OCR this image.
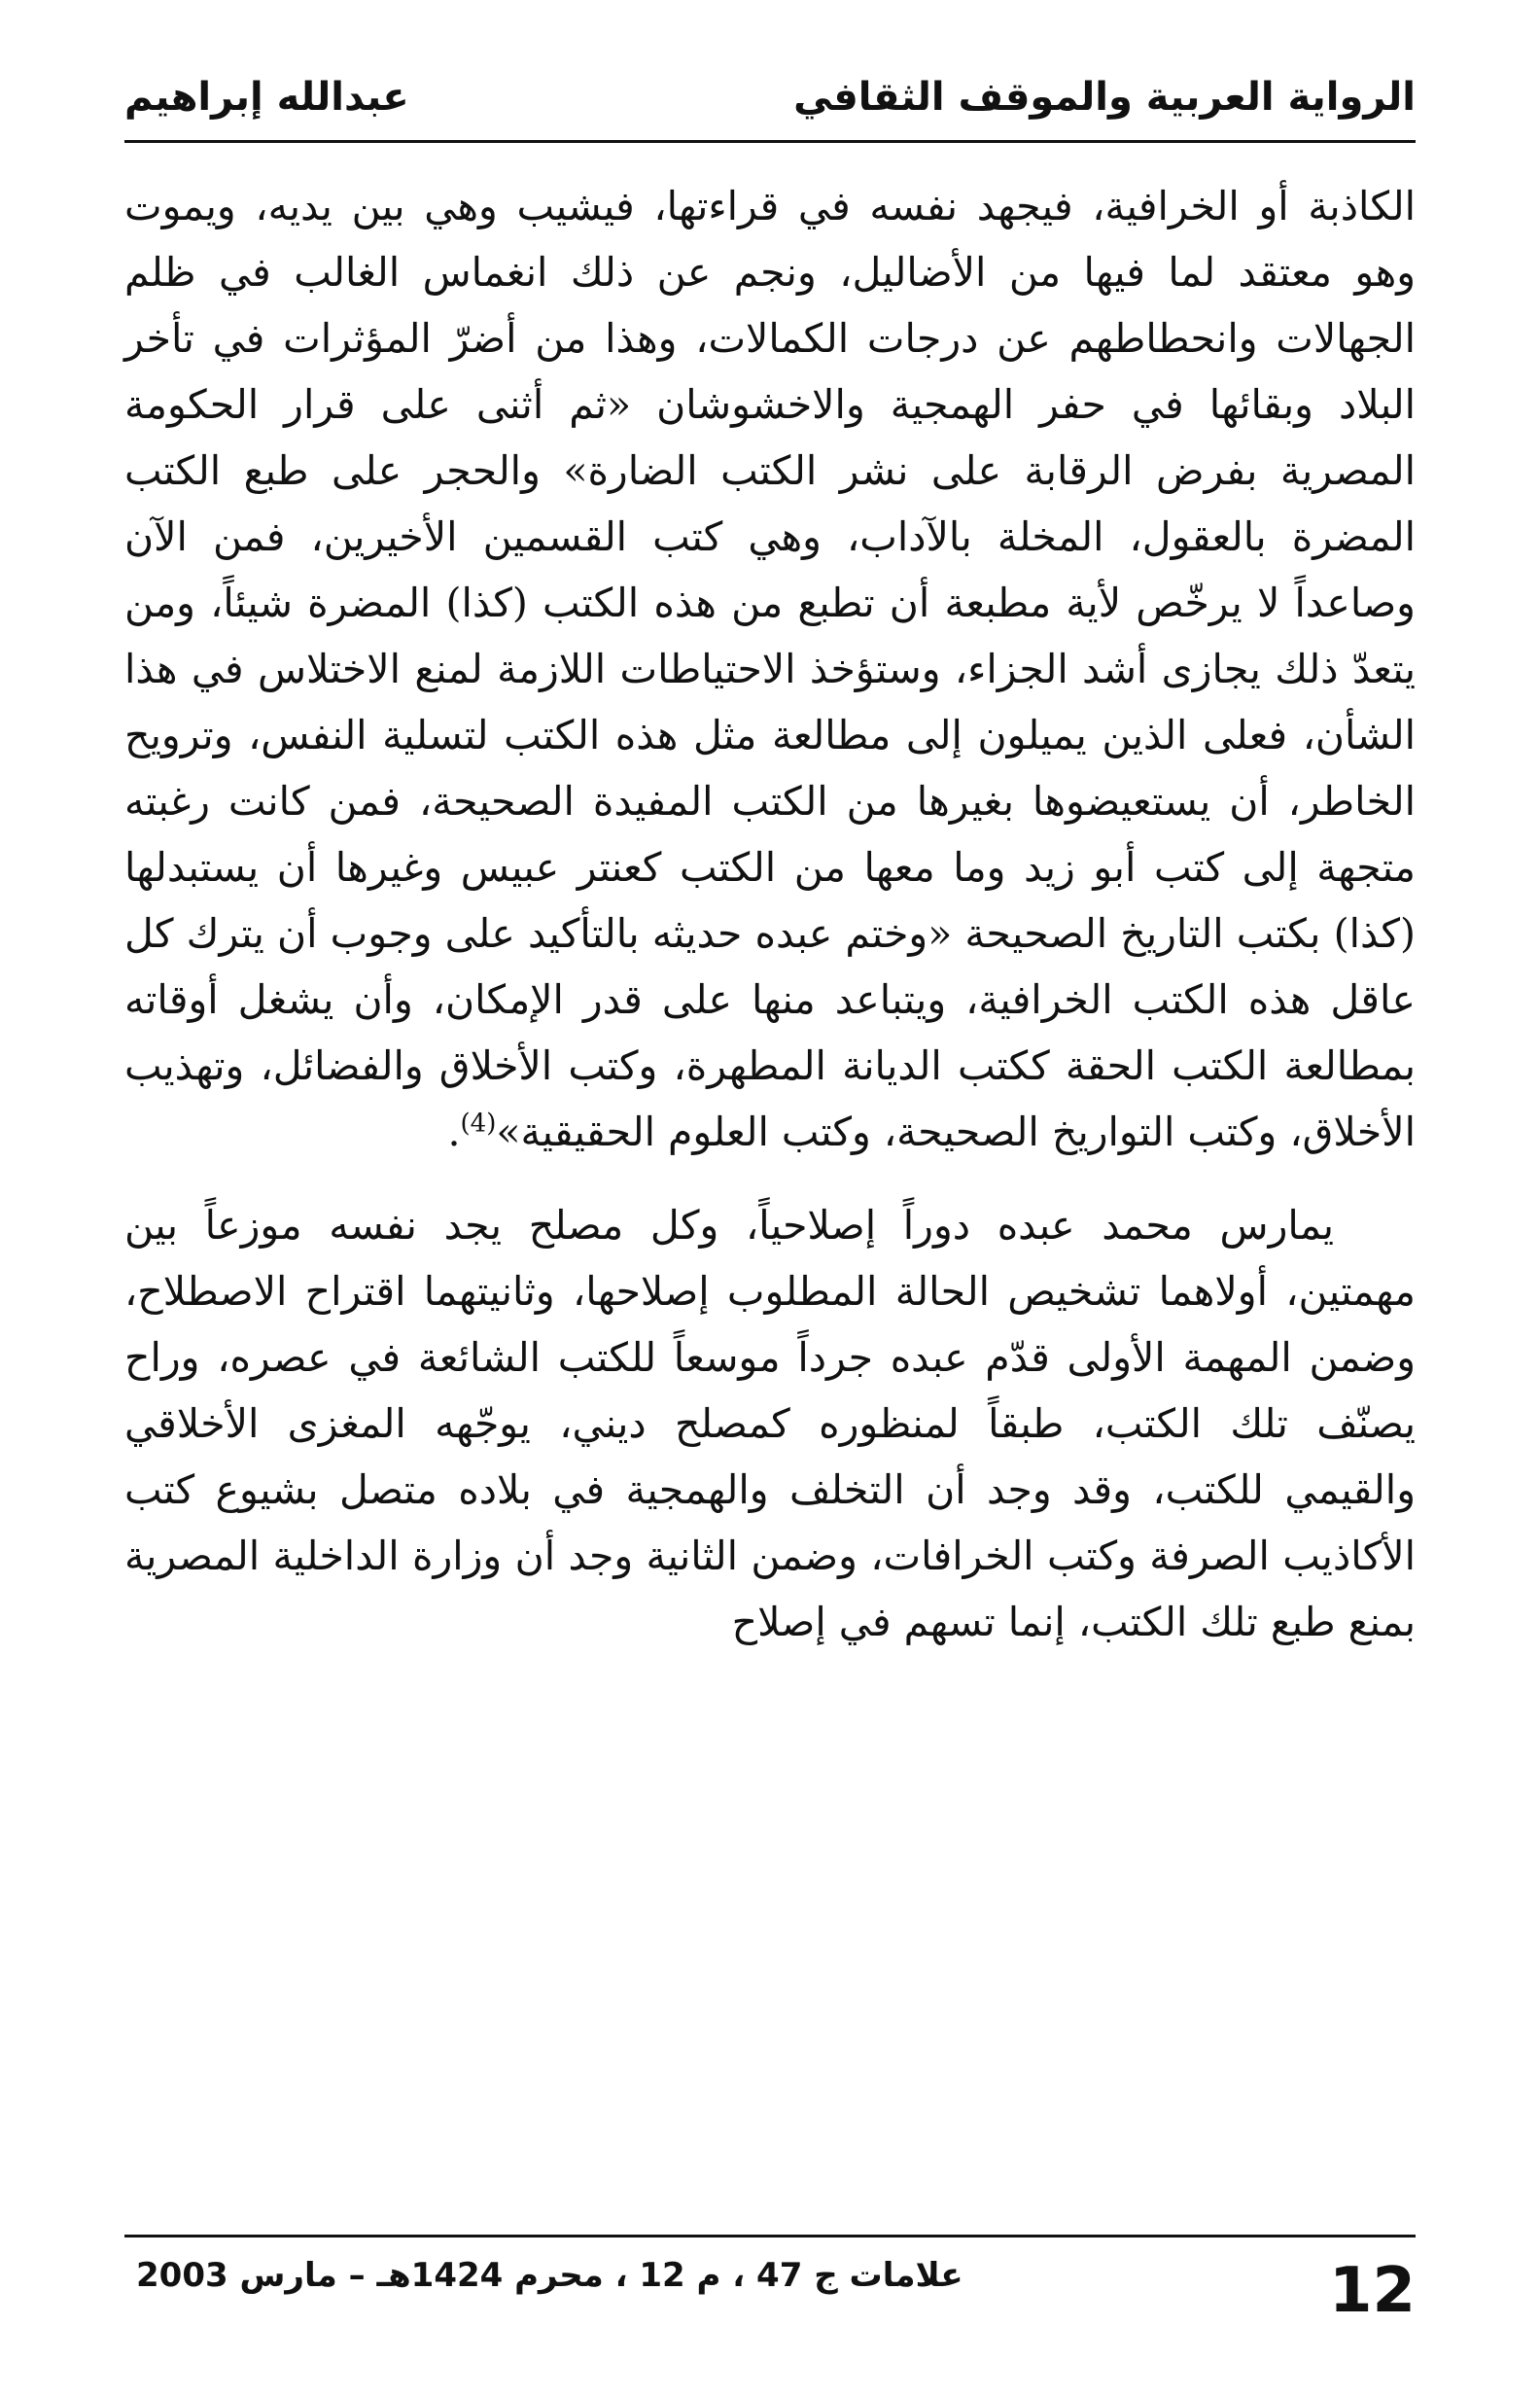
الرواية العربية والموقف الثقافي
عبدالله إبراهيم

الكاذبة أو الخرافية، فيجهد نفسه في قراءتها، فيشيب وهي بين يديه، ويموت وهو معتقد لما فيها من الأضاليل، ونجم عن ذلك انغماس الغالب في ظلم الجهالات وانحطاطهم عن درجات الكمالات، وهذا من أضرّ المؤثرات في تأخر البلاد وبقائها في حفر الهمجية والاخشوشان «ثم أثنى على قرار الحكومة المصرية بفرض الرقابة على نشر الكتب الضارة» والحجر على طبع الكتب المضرة بالعقول، المخلة بالآداب، وهي كتب القسمين الأخيرين، فمن الآن وصاعداً لا يرخّص لأية مطبعة أن تطبع من هذه الكتب (كذا) المضرة شيئاً، ومن يتعدّ ذلك يجازى أشد الجزاء، وستؤخذ الاحتياطات اللازمة لمنع الاختلاس في هذا الشأن، فعلى الذين يميلون إلى مطالعة مثل هذه الكتب لتسلية النفس، وترويح الخاطر، أن يستعيضوها بغيرها من الكتب المفيدة الصحيحة، فمن كانت رغبته متجهة إلى كتب أبو زيد وما معها من الكتب كعنتر عبيس وغيرها أن يستبدلها (كذا) بكتب التاريخ الصحيحة «وختم عبده حديثه بالتأكيد على وجوب أن يترك كل عاقل هذه الكتب الخرافية، ويتباعد منها على قدر الإمكان، وأن يشغل أوقاته بمطالعة الكتب الحقة ككتب الديانة المطهرة، وكتب الأخلاق والفضائل، وتهذيب الأخلاق، وكتب التواريخ الصحيحة، وكتب العلوم الحقيقية»$^{(4)}$.

يمارس محمد عبده دوراً إصلاحياً، وكل مصلح يجد نفسه موزعاً بين مهمتين، أولاهما تشخيص الحالة المطلوب إصلاحها، وثانيتهما اقتراح الاصطلاح، وضمن المهمة الأولى قدّم عبده جرداً موسعاً للكتب الشائعة في عصره، وراح يصنّف تلك الكتب، طبقاً لمنظوره كمصلح ديني، يوجّهه المغزى الأخلاقي والقيمي للكتب، وقد وجد أن التخلف والهمجية في بلاده متصل بشيوع كتب الأكاذيب الصرفة وكتب الخرافات، وضمن الثانية وجد أن وزارة الداخلية المصرية بمنع طبع تلك الكتب، إنما تسهم في إصلاح

علامات ج 47 ، م 12 ، محرم 1424هـ – مارس 2003	12
